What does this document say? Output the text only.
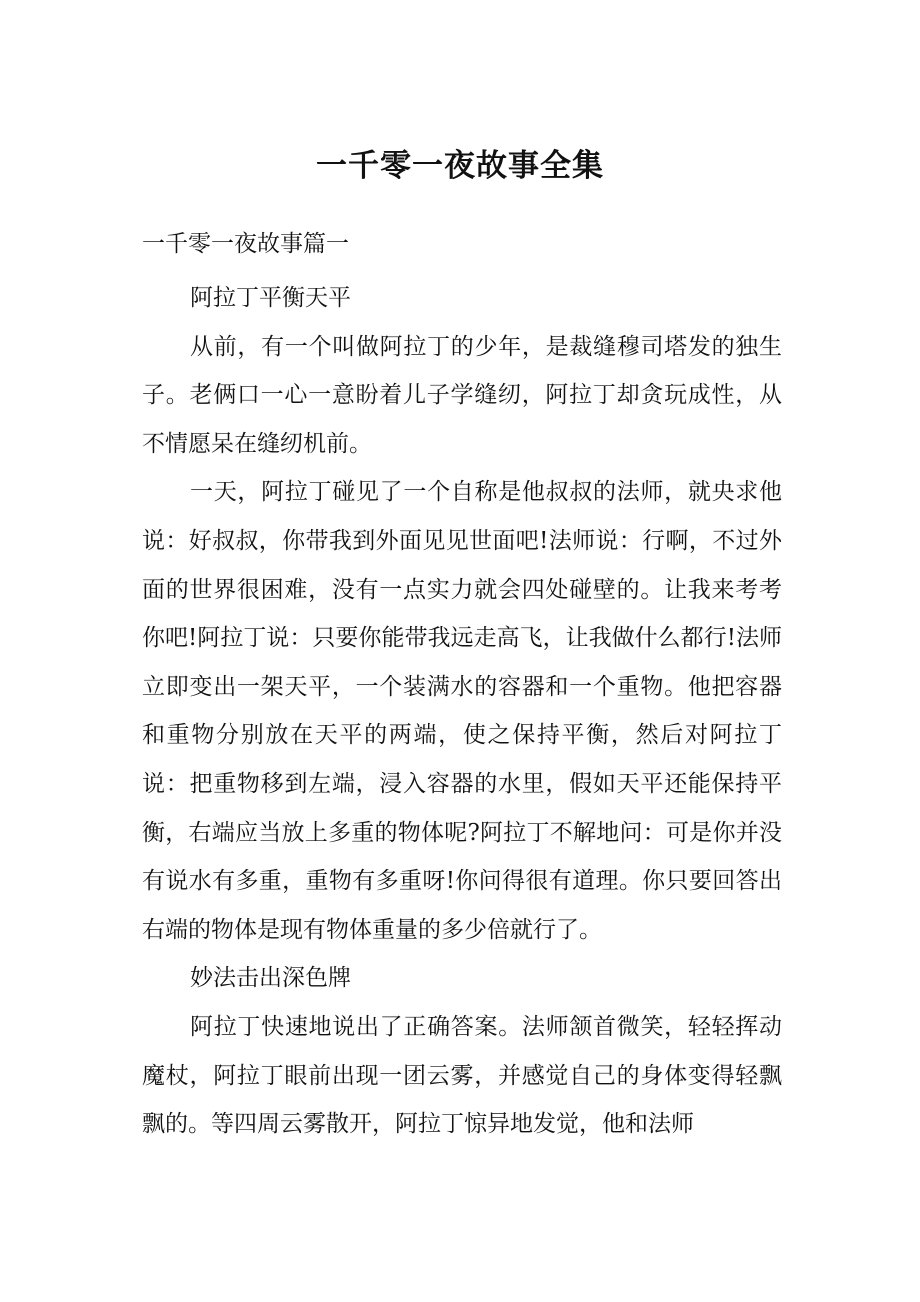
一千零一夜故事全集
一千零一夜故事篇一

阿拉丁平衡天平

从前，有一个叫做阿拉丁的少年，是裁缝穆司塔发的独生子。老俩口一心一意盼着儿子学缝纫，阿拉丁却贪玩成性，从不情愿呆在缝纫机前。

一天，阿拉丁碰见了一个自称是他叔叔的法师，就央求他说：好叔叔，你带我到外面见见世面吧!法师说：行啊，不过外面的世界很困难，没有一点实力就会四处碰壁的。让我来考考你吧!阿拉丁说：只要你能带我远走高飞，让我做什么都行!法师立即变出一架天平，一个装满水的容器和一个重物。他把容器和重物分别放在天平的两端，使之保持平衡，然后对阿拉丁说：把重物移到左端，浸入容器的水里，假如天平还能保持平衡，右端应当放上多重的物体呢?阿拉丁不解地问：可是你并没有说水有多重，重物有多重呀!你问得很有道理。你只要回答出右端的物体是现有物体重量的多少倍就行了。

妙法击出深色牌

阿拉丁快速地说出了正确答案。法师颔首微笑，轻轻挥动魔杖，阿拉丁眼前出现一团云雾，并感觉自己的身体变得轻飘飘的。等四周云雾散开，阿拉丁惊异地发觉，他和法师
